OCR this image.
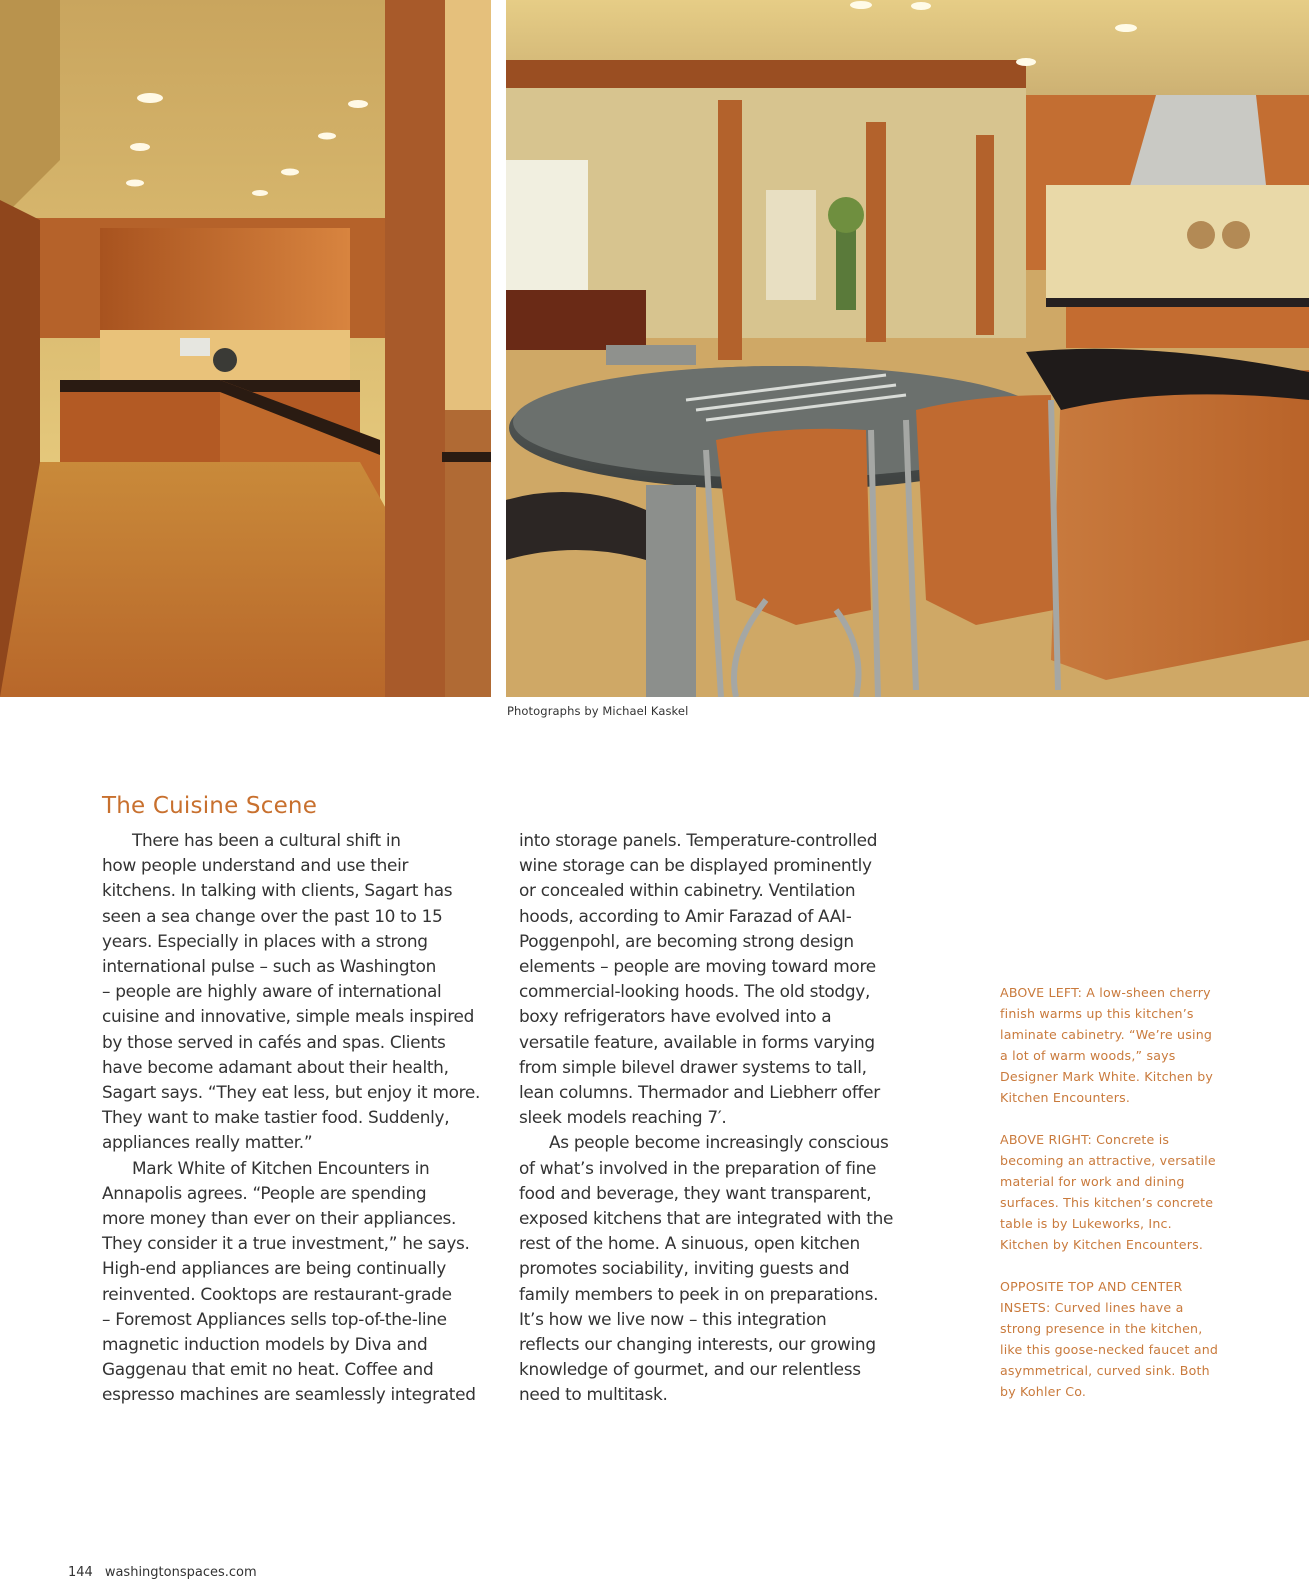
Photographs by Michael Kaskel
The Cuisine Scene
There has been a cultural shift in
how people understand and use their
kitchens. In talking with clients, Sagart has
seen a sea change over the past 10 to 15
years. Especially in places with a strong
international pulse – such as Washington
– people are highly aware of international
cuisine and innovative, simple meals inspired
by those served in cafés and spas. Clients
have become adamant about their health,
Sagart says. “They eat less, but enjoy it more.
They want to make tastier food. Suddenly,
appliances really matter.”
Mark White of Kitchen Encounters in
Annapolis agrees. “People are spending
more money than ever on their appliances.
They consider it a true investment,” he says.
High-end appliances are being continually
reinvented. Cooktops are restaurant-grade
– Foremost Appliances sells top-of-the-line
magnetic induction models by Diva and
Gaggenau that emit no heat. Coffee and
espresso machines are seamlessly integrated
into storage panels. Temperature-controlled
wine storage can be displayed prominently
or concealed within cabinetry. Ventilation
hoods, according to Amir Farazad of AAI-
Poggenpohl, are becoming strong design
elements – people are moving toward more
commercial-looking hoods. The old stodgy,
boxy refrigerators have evolved into a
versatile feature, available in forms varying
from simple bilevel drawer systems to tall,
lean columns. Thermador and Liebherr offer
sleek models reaching 7′.
As people become increasingly conscious
of what’s involved in the preparation of fine
food and beverage, they want transparent,
exposed kitchens that are integrated with the
rest of the home. A sinuous, open kitchen
promotes sociability, inviting guests and
family members to peek in on preparations.
It’s how we live now – this integration
reflects our changing interests, our growing
knowledge of gourmet, and our relentless
need to multitask.

ABOVE LEFT: A low-sheen cherry
finish warms up this kitchen’s
laminate cabinetry. “We’re using
a lot of warm woods,” says
Designer Mark White. Kitchen by
Kitchen Encounters.

ABOVE RIGHT: Concrete is
becoming an attractive, versatile
material for work and dining
surfaces. This kitchen’s concrete
table is by Lukeworks, Inc.
Kitchen by Kitchen Encounters.

OPPOSITE TOP AND CENTER
INSETS: Curved lines have a
strong presence in the kitchen,
like this goose-necked faucet and
asymmetrical, curved sink. Both
by Kohler Co.

144 washingtonspaces.com
